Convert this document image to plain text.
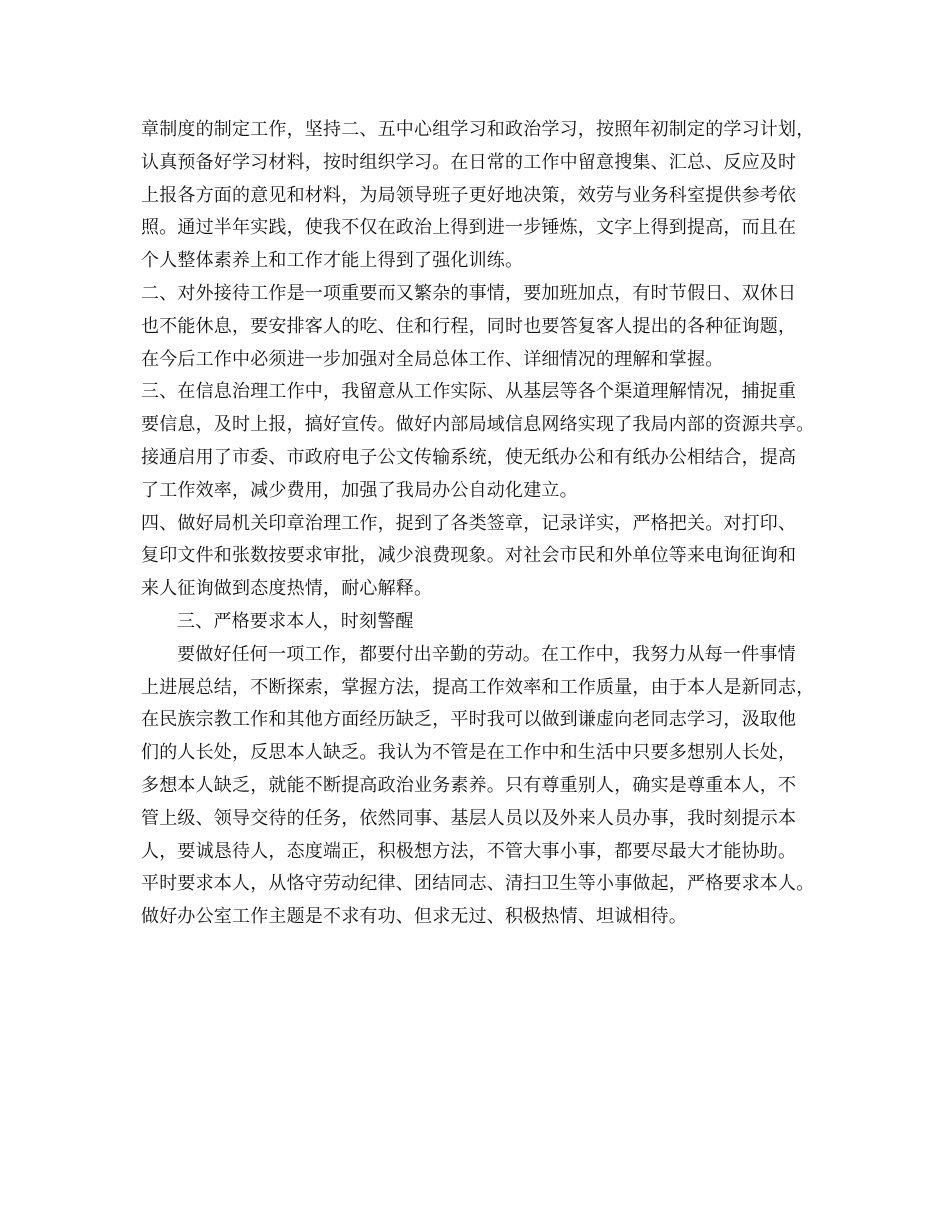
章制度的制定工作，坚持二、五中心组学习和政治学习，按照年初制定的学习计划，
认真预备好学习材料，按时组织学习。在日常的工作中留意搜集、汇总、反应及时
上报各方面的意见和材料，为局领导班子更好地决策，效劳与业务科室提供参考依
照。通过半年实践，使我不仅在政治上得到进一步锤炼，文字上得到提高，而且在
个人整体素养上和工作才能上得到了强化训练。
二、对外接待工作是一项重要而又繁杂的事情，要加班加点，有时节假日、双休日
也不能休息，要安排客人的吃、住和行程，同时也要答复客人提出的各种征询题，
在今后工作中必须进一步加强对全局总体工作、详细情况的理解和掌握。
三、在信息治理工作中，我留意从工作实际、从基层等各个渠道理解情况，捕捉重
要信息，及时上报，搞好宣传。做好内部局域信息网络实现了我局内部的资源共享。
接通启用了市委、市政府电子公文传输系统，使无纸办公和有纸办公相结合，提高
了工作效率，减少费用，加强了我局办公自动化建立。
四、做好局机关印章治理工作，捉到了各类签章，记录详实，严格把关。对打印、
复印文件和张数按要求审批，减少浪费现象。对社会市民和外单位等来电询征询和
来人征询做到态度热情，耐心解释。
三、严格要求本人，时刻警醒
要做好任何一项工作，都要付出辛勤的劳动。在工作中，我努力从每一件事情
上进展总结，不断探索，掌握方法，提高工作效率和工作质量，由于本人是新同志，
在民族宗教工作和其他方面经历缺乏，平时我可以做到谦虚向老同志学习，汲取他
们的人长处，反思本人缺乏。我认为不管是在工作中和生活中只要多想别人长处，
多想本人缺乏，就能不断提高政治业务素养。只有尊重别人，确实是尊重本人，不
管上级、领导交待的任务，依然同事、基层人员以及外来人员办事，我时刻提示本
人，要诚恳待人，态度端正，积极想方法，不管大事小事，都要尽最大才能协助。
平时要求本人，从恪守劳动纪律、团结同志、清扫卫生等小事做起，严格要求本人。
做好办公室工作主题是不求有功、但求无过、积极热情、坦诚相待。
